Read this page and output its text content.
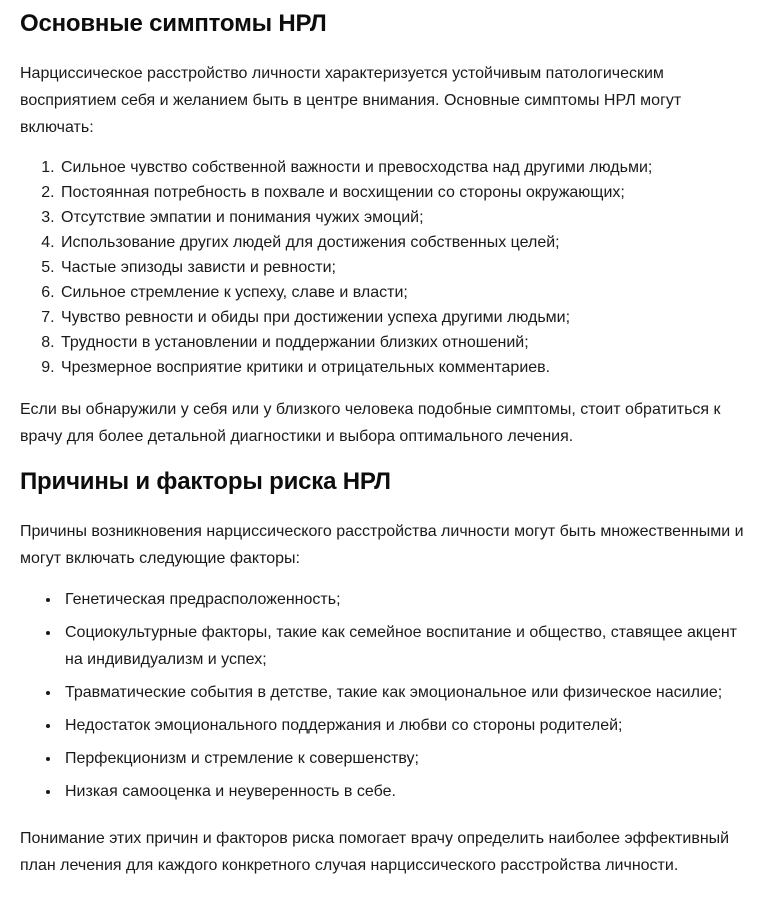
Основные симптомы НРЛ

Нарциссическое расстройство личности характеризуется устойчивым патологическим восприятием себя и желанием быть в центре внимания. Основные симптомы НРЛ могут включать:

1. Сильное чувство собственной важности и превосходства над другими людьми;
2. Постоянная потребность в похвале и восхищении со стороны окружающих;
3. Отсутствие эмпатии и понимания чужих эмоций;
4. Использование других людей для достижения собственных целей;
5. Частые эпизоды зависти и ревности;
6. Сильное стремление к успеху, славе и власти;
7. Чувство ревности и обиды при достижении успеха другими людьми;
8. Трудности в установлении и поддержании близких отношений;
9. Чрезмерное восприятие критики и отрицательных комментариев.

Если вы обнаружили у себя или у близкого человека подобные симптомы, стоит обратиться к врачу для более детальной диагностики и выбора оптимального лечения.

Причины и факторы риска НРЛ

Причины возникновения нарциссического расстройства личности могут быть множественными и могут включать следующие факторы:

• Генетическая предрасположенность;
• Социокультурные факторы, такие как семейное воспитание и общество, ставящее акцент на индивидуализм и успех;
• Травматические события в детстве, такие как эмоциональное или физическое насилие;
• Недостаток эмоционального поддержания и любви со стороны родителей;
• Перфекционизм и стремление к совершенству;
• Низкая самооценка и неуверенность в себе.

Понимание этих причин и факторов риска помогает врачу определить наиболее эффективный план лечения для каждого конкретного случая нарциссического расстройства личности.
